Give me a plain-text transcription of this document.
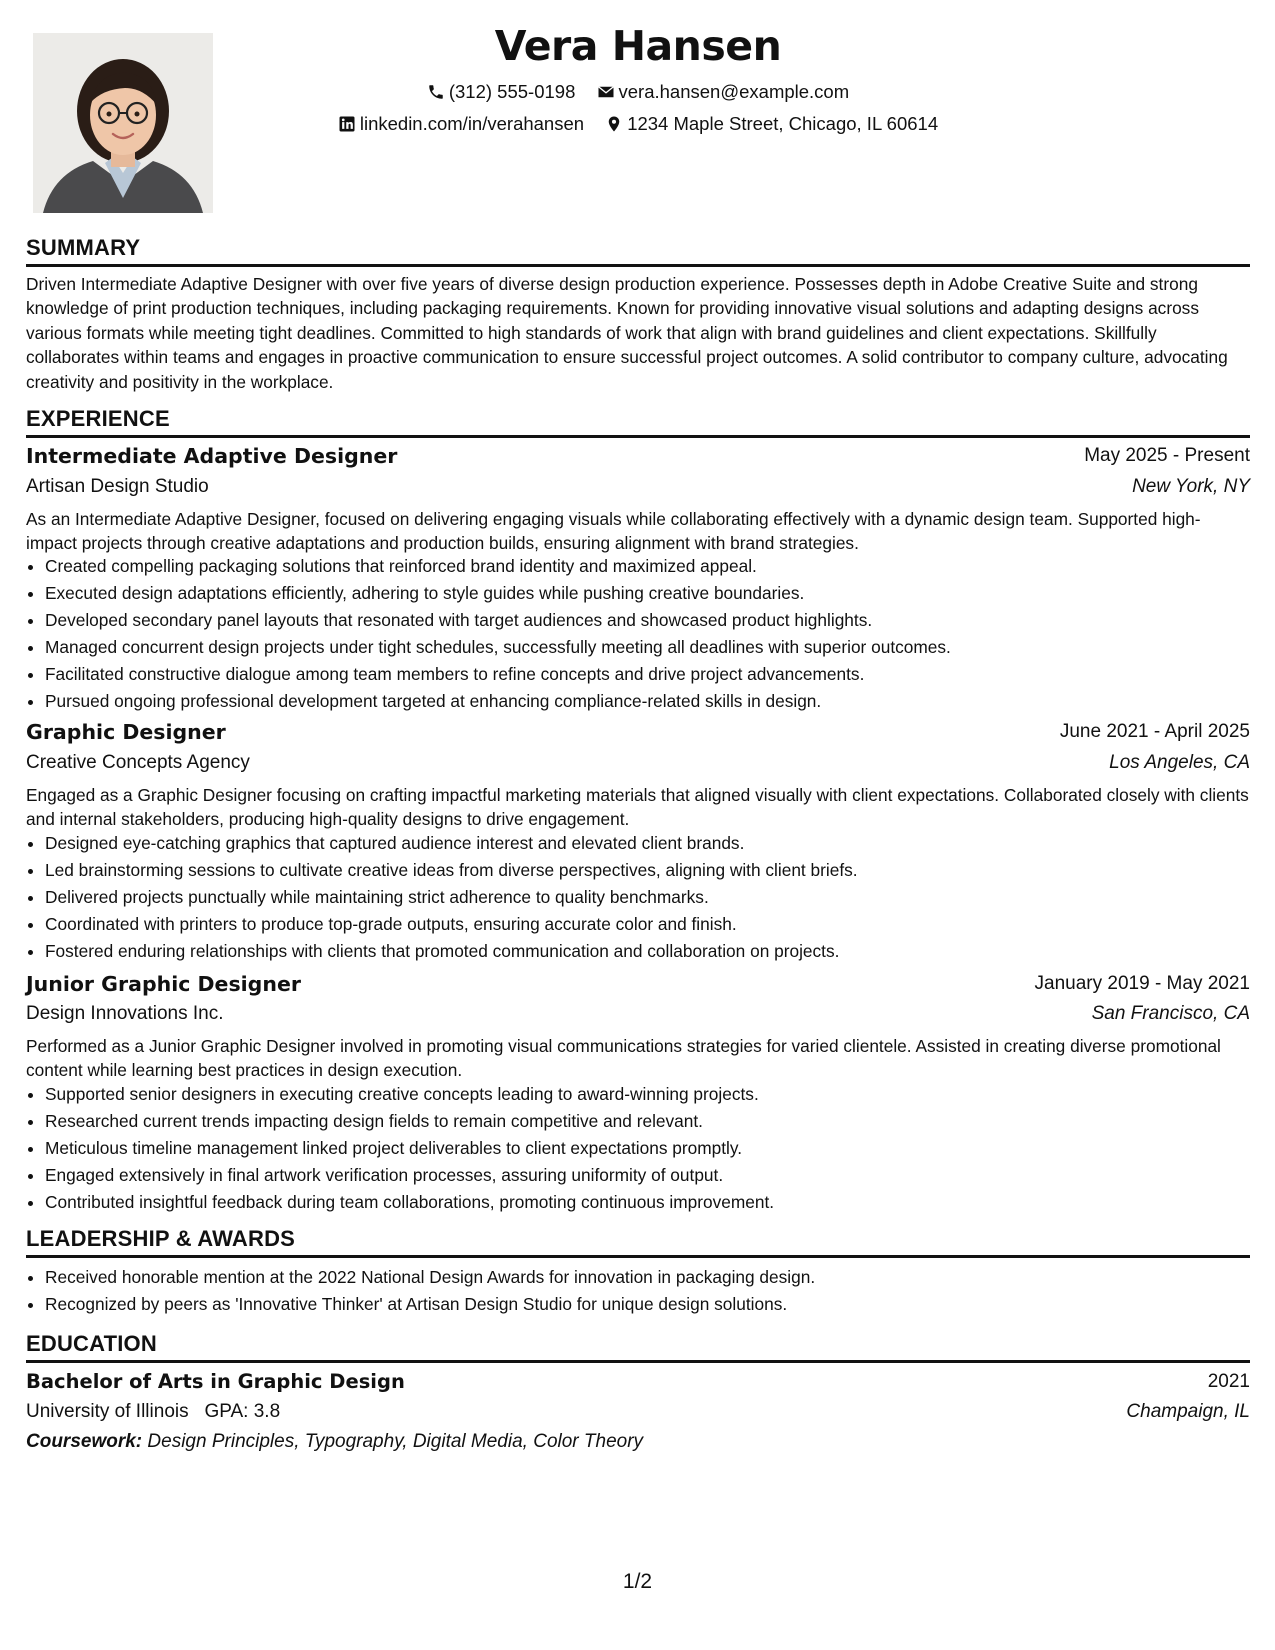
Vera Hansen
(312) 555-0198
vera.hansen@example.com
linkedin.com/in/verahansen
1234 Maple Street, Chicago, IL 60614
SUMMARY
Driven Intermediate Adaptive Designer with over five years of diverse design production experience. Possesses depth in Adobe Creative Suite and strong knowledge of print production techniques, including packaging requirements. Known for providing innovative visual solutions and adapting designs across various formats while meeting tight deadlines. Committed to high standards of work that align with brand guidelines and client expectations. Skillfully collaborates within teams and engages in proactive communication to ensure successful project outcomes. A solid contributor to company culture, advocating creativity and positivity in the workplace.
EXPERIENCE
Intermediate Adaptive Designer	May 2025 - Present
Artisan Design Studio	New York, NY
As an Intermediate Adaptive Designer, focused on delivering engaging visuals while collaborating effectively with a dynamic design team. Supported high-impact projects through creative adaptations and production builds, ensuring alignment with brand strategies.
• Created compelling packaging solutions that reinforced brand identity and maximized appeal.
• Executed design adaptations efficiently, adhering to style guides while pushing creative boundaries.
• Developed secondary panel layouts that resonated with target audiences and showcased product highlights.
• Managed concurrent design projects under tight schedules, successfully meeting all deadlines with superior outcomes.
• Facilitated constructive dialogue among team members to refine concepts and drive project advancements.
• Pursued ongoing professional development targeted at enhancing compliance-related skills in design.
Graphic Designer	June 2021 - April 2025
Creative Concepts Agency	Los Angeles, CA
Engaged as a Graphic Designer focusing on crafting impactful marketing materials that aligned visually with client expectations. Collaborated closely with clients and internal stakeholders, producing high-quality designs to drive engagement.
• Designed eye-catching graphics that captured audience interest and elevated client brands.
• Led brainstorming sessions to cultivate creative ideas from diverse perspectives, aligning with client briefs.
• Delivered projects punctually while maintaining strict adherence to quality benchmarks.
• Coordinated with printers to produce top-grade outputs, ensuring accurate color and finish.
• Fostered enduring relationships with clients that promoted communication and collaboration on projects.
Junior Graphic Designer	January 2019 - May 2021
Design Innovations Inc.	San Francisco, CA
Performed as a Junior Graphic Designer involved in promoting visual communications strategies for varied clientele. Assisted in creating diverse promotional content while learning best practices in design execution.
• Supported senior designers in executing creative concepts leading to award-winning projects.
• Researched current trends impacting design fields to remain competitive and relevant.
• Meticulous timeline management linked project deliverables to client expectations promptly.
• Engaged extensively in final artwork verification processes, assuring uniformity of output.
• Contributed insightful feedback during team collaborations, promoting continuous improvement.
LEADERSHIP & AWARDS
• Received honorable mention at the 2022 National Design Awards for innovation in packaging design.
• Recognized by peers as 'Innovative Thinker' at Artisan Design Studio for unique design solutions.
EDUCATION
Bachelor of Arts in Graphic Design	2021
University of Illinois GPA: 3.8	Champaign, IL
Coursework: Design Principles, Typography, Digital Media, Color Theory
1/2
